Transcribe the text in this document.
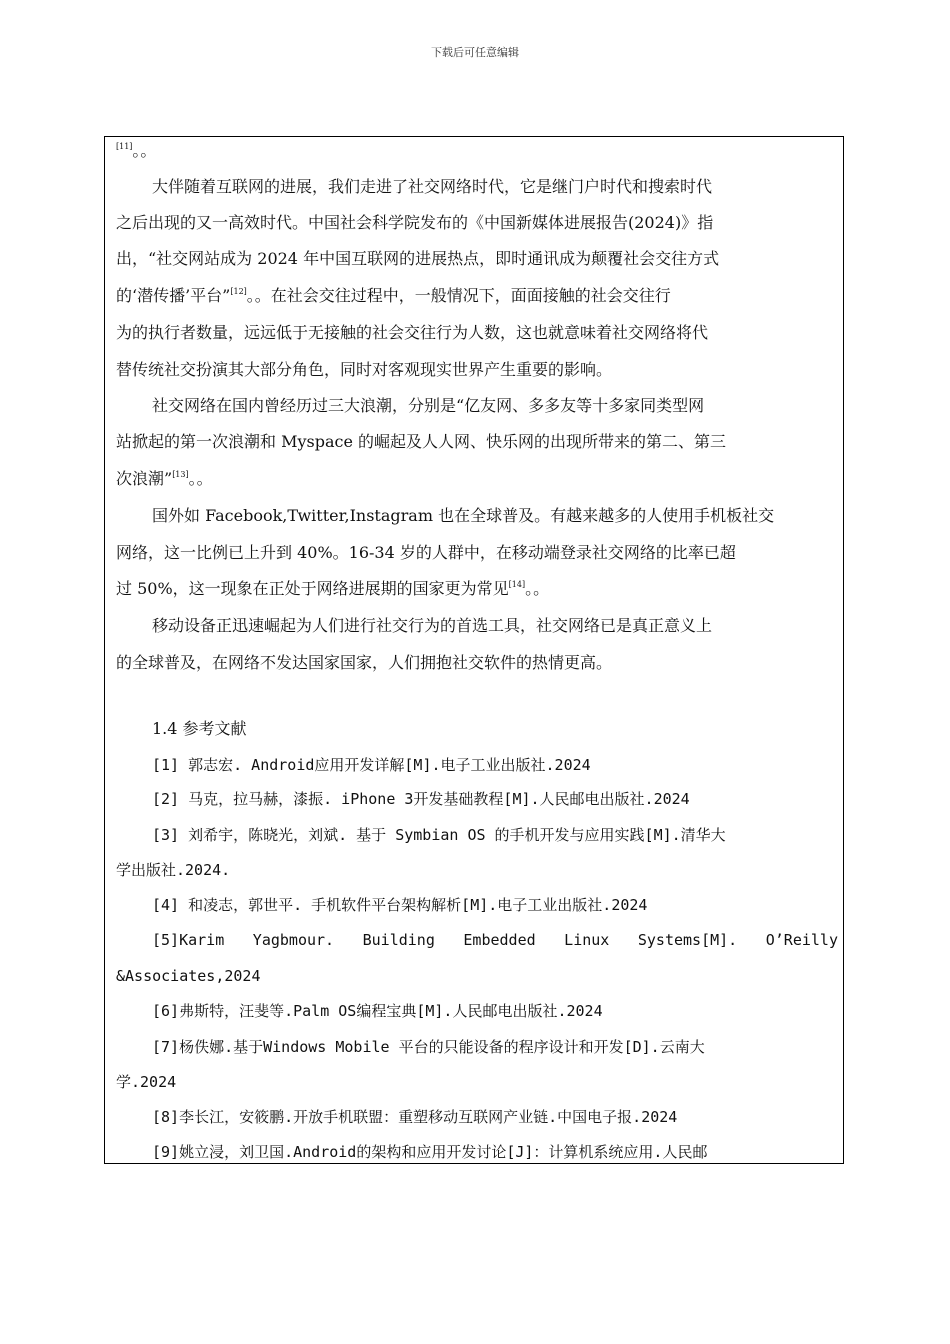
下载后可任意编辑
[11]。。
大伴随着互联网的进展，我们走进了社交网络时代，它是继门户时代和搜索时代
之后出现的又一高效时代。中国社会科学院发布的《中国新媒体进展报告(2024)》指
出，“社交网站成为 2024 年中国互联网的进展热点，即时通讯成为颠覆社会交往方式
的‘潜传播’平台”[12]。。在社会交往过程中，一般情况下，面面接触的社会交往行
为的执行者数量，远远低于无接触的社会交往行为人数，这也就意味着社交网络将代
替传统社交扮演其大部分角色，同时对客观现实世界产生重要的影响。
社交网络在国内曾经历过三大浪潮，分别是“亿友网、多多友等十多家同类型网
站掀起的第一次浪潮和 Myspace 的崛起及人人网、快乐网的出现所带来的第二、第三
次浪潮”[13]。。
国外如 Facebook,Twitter,Instagram 也在全球普及。有越来越多的人使用手机板社交
网络，这一比例已上升到 40%。16-34 岁的人群中，在移动端登录社交网络的比率已超
过 50%，这一现象在正处于网络进展期的国家更为常见[14]。。
移动设备正迅速崛起为人们进行社交行为的首选工具，社交网络已是真正意义上
的全球普及，在网络不发达国家国家，人们拥抱社交软件的热情更高。
1.4 参考文献
[1] 郭志宏. Android应用开发详解[M].电子工业出版社.2024
[2] 马克，拉马赫，漆振. iPhone 3开发基础教程[M].人民邮电出版社.2024
[3] 刘希宇，陈晓光，刘斌. 基于 Symbian OS 的手机开发与应用实践[M].清华大
学出版社.2024.
[4] 和凌志，郭世平. 手机软件平台架构解析[M].电子工业出版社.2024
[5]Karim Yagbmour. Building Embedded Linux Systems[M]. O’Reilly
&Associates,2024
[6]弗斯特，汪斐等.Palm OS编程宝典[M].人民邮电出版社.2024
[7]杨佚娜.基于Windows Mobile 平台的只能设备的程序设计和开发[D].云南大
学.2024
[8]李长江，安筱鹏.开放手机联盟：重塑移动互联网产业链.中国电子报.2024
[9]姚立浸，刘卫国.Android的架构和应用开发讨论[J]：计算机系统应用.人民邮
